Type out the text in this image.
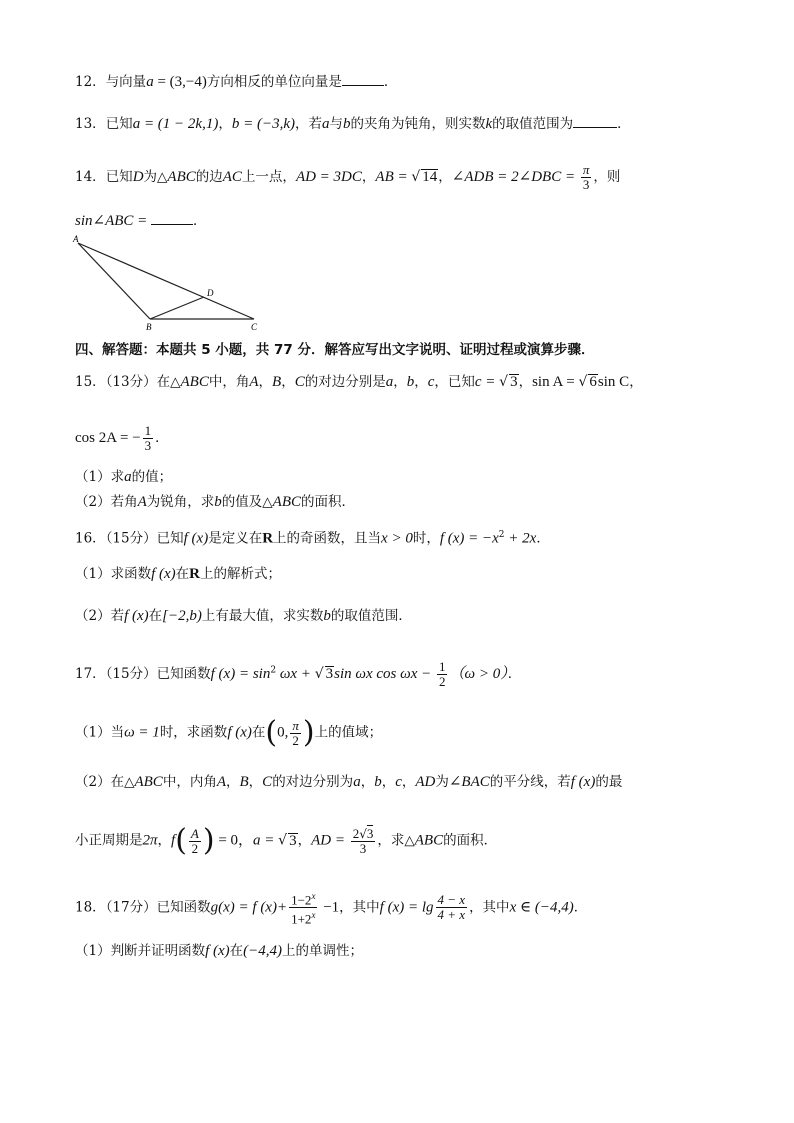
12．与向量a = (3,−4)方向相反的单位向量是	．
13．已知a = (1 − 2k,1)，b = (−3,k)，若a与b的夹角为钝角，则实数k的取值范围为	．
14．已知D为△ABC的边AC上一点，AD = 3DC，AB = √ 14，∠ADB = 2∠DBC = $\frac{\pi}{3}$ ，则
sin∠ABC =	．
A
B	C
D
四、解答题：本题共 5 小题，共 77 分．解答应写出文字说明、证明过程或演算步骤．
15．（13分）在△ABC中，角A，B，C的对边分别是a，b，c，已知c = √ 3，sin A = √ 6sin C，
cos 2A = − $\frac{1}{3}$ ．
（1）求a的值；
（2）若角A为锐角，求b的值及△ABC的面积．
16．（15分）已知f (x)是定义在R上的奇函数，且当x > 0时，f $(x) = -x^2 + 2x$．
（1）求函数f (x)在R上的解析式；
（2）若f (x)在[−2,b)上有最大值，求实数b的取值范围．
17．（15分）已知函数f $(x) = \sin^2 \omega x$ + √ 3sin ωx $\cos \omega x - \frac{1}{2} (\omega > 0)$．
（1）当ω = 1时，求函数f (x)在(0, $\frac{\pi}{2}$ )上的值域；
（2）在△ABC中，内角A，B，C的对边分别为a，b，c，AD为∠BAC的平分线，若f (x)的最
小正周期是2π，$f( \frac{A}{2}$ ) = 0，a = √ 3，AD = $\frac{2√3}{3}$ ，求△ABC的面积．
18．（17分）已知函数g(x) = f $(x)+ \frac{1-2^x}{1+2^x} -1$，其中f $(x) = \lg \frac{4 - x}{4 + x}$ ，其中x ∈ (−4,4)．
（1）判断并证明函数f (x)在(−4,4)上的单调性；
